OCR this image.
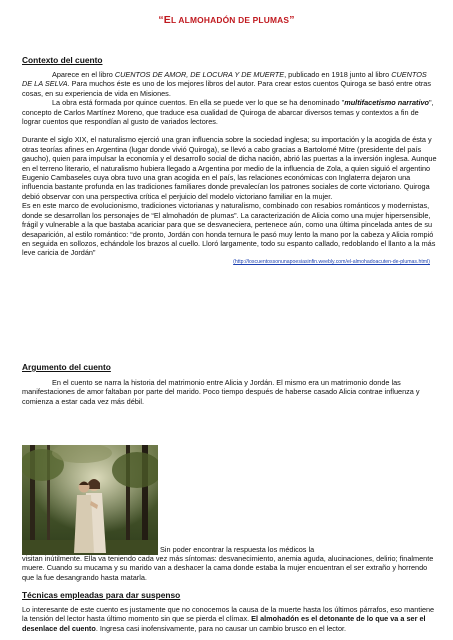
“EL ALMOHADÓN DE PLUMAS”
Contexto del cuento

Aparece en el libro CUENTOS DE AMOR, DE LOCURA Y DE MUERTE, publicado en 1918 junto al libro CUENTOS DE LA SELVA. Para muchos éste es uno de los mejores libros del autor. Para crear estos cuentos Quiroga se basó entre otras cosas, en su experiencia de vida en Misiones.

La obra está formada por quince cuentos. En ella se puede ver lo que se ha denominado "multifacetismo narrativo", concepto de Carlos Martínez Moreno, que traduce esa cualidad de Quiroga de abarcar diversos temas y contextos a fin de lograr cuentos que respondían al gusto de variados lectores.

Durante el siglo XIX, el naturalismo ejerció una gran influencia sobre la sociedad inglesa; su importación y la acogida de ésta y otras teorías afines en Argentina (lugar donde vivió Quiroga), se llevó a cabo gracias a Bartolomé Mitre (presidente del país gaucho), quien para impulsar la economía y el desarrollo social de dicha nación, abrió las puertas a la inversión inglesa. Aunque en el terreno literario, el naturalismo hubiera llegado a Argentina por medio de la influencia de Zola, a quien siguió el argentino Eugenio Cambaseles cuya obra tuvo una gran acogida en el país, las relaciones económicas con Inglaterra dejaron una influencia bastante profunda en las tradiciones familiares donde prevalecían los patrones sociales de corte victoriano. Quiroga debió observar con una perspectiva crítica el perjuicio del modelo victoriano familiar en la mujer.

Es en este marco de evolucionismo, tradiciones victorianas y naturalismo, combinado con resabios románticos y modernistas,

donde se desarrollan los personajes de “El almohadón de plumas”. La caracterización de Alicia como una mujer hipersensible, frágil y vulnerable a la que bastaba acariciar para que se desvaneciera, pertenece aún, como una última pincelada antes de su desaparición, al estilo romántico: “de pronto, Jordán con honda ternura le pasó muy lento la mano por la cabeza y Alicia rompió en seguida en sollozos, echándole los brazos al cuello. Lloró largamente, todo su espanto callado, redoblando el llanto a la más leve caricia de Jordán”

(http://loscuentossonunapoesiasinfin.weebly.com/el-almohadoacuten-de-plumas.html)

Argumento del cuento

En el cuento se narra la historia del matrimonio entre Alicia y Jordán. El mismo era un matrimonio donde las manifestaciones de amor faltaban por parte del marido. Poco tiempo después de haberse casado Alicia contrae influenza y comienza a estar cada vez más débil.

Sin poder encontrar la respuesta los médicos la

visitan inútilmente. Ella va teniendo cada vez más síntomas: desvanecimiento, anemia aguda, alucinaciones, delirio; finalmente muere. Cuando su mucama y su marido van a deshacer la cama donde estaba la mujer encuentran el ser extraño y horrendo que la fue desangrando hasta matarla.

Técnicas empleadas para dar suspenso

Lo interesante de este cuento es justamente que no conocemos la causa de la muerte hasta los últimos párrafos, eso mantiene la tensión del lector hasta último momento sin que se pierda el clímax. El almohadón es el detonante de lo que va a ser el desenlace del cuento. Ingresa casi inofensivamente, para no causar un cambio brusco en el lector.
